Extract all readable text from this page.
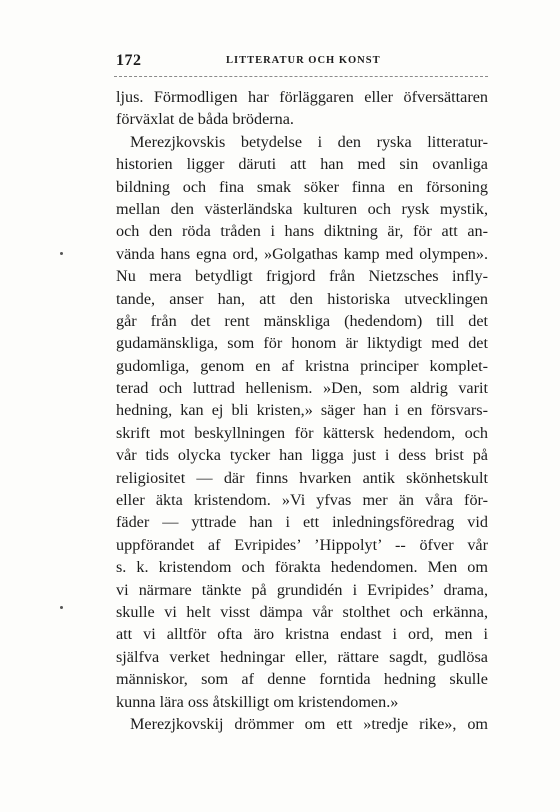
172	LITTERATUR OCH KONST
ljus. Förmodligen har förläggaren eller öfversättaren
förväxlat de båda bröderna.
Merezjkovskis betydelse i den ryska litteratur-
historien ligger däruti att han med sin ovanliga
bildning och fina smak söker finna en försoning
mellan den västerländska kulturen och rysk mystik,
och den röda tråden i hans diktning är, för att an-
vända hans egna ord, »Golgathas kamp med olympen».
Nu mera betydligt frigjord från Nietzsches infly-
tande, anser han, att den historiska utvecklingen
går från det rent mänskliga (hedendom) till det
gudamänskliga, som för honom är liktydigt med det
gudomliga, genom en af kristna principer komplet-
terad och luttrad hellenism. »Den, som aldrig varit
hedning, kan ej bli kristen,» säger han i en försvars-
skrift mot beskyllningen för kättersk hedendom, och
vår tids olycka tycker han ligga just i dess brist på
religiositet — där finns hvarken antik skönhetskult
eller äkta kristendom. »Vi yfvas mer än våra för-
fäder — yttrade han i ett inledningsföredrag vid
uppförandet af Evripides’ ’Hippolyt’ -- öfver vår
s. k. kristendom och förakta hedendomen. Men om
vi närmare tänkte på grundidén i Evripides’ drama,
skulle vi helt visst dämpa vår stolthet och erkänna,
att vi alltför ofta äro kristna endast i ord, men i
själfva verket hedningar eller, rättare sagdt, gudlösa
människor, som af denne forntida hedning skulle
kunna lära oss åtskilligt om kristendomen.»
Merezjkovskij drömmer om ett »tredje rike», om
